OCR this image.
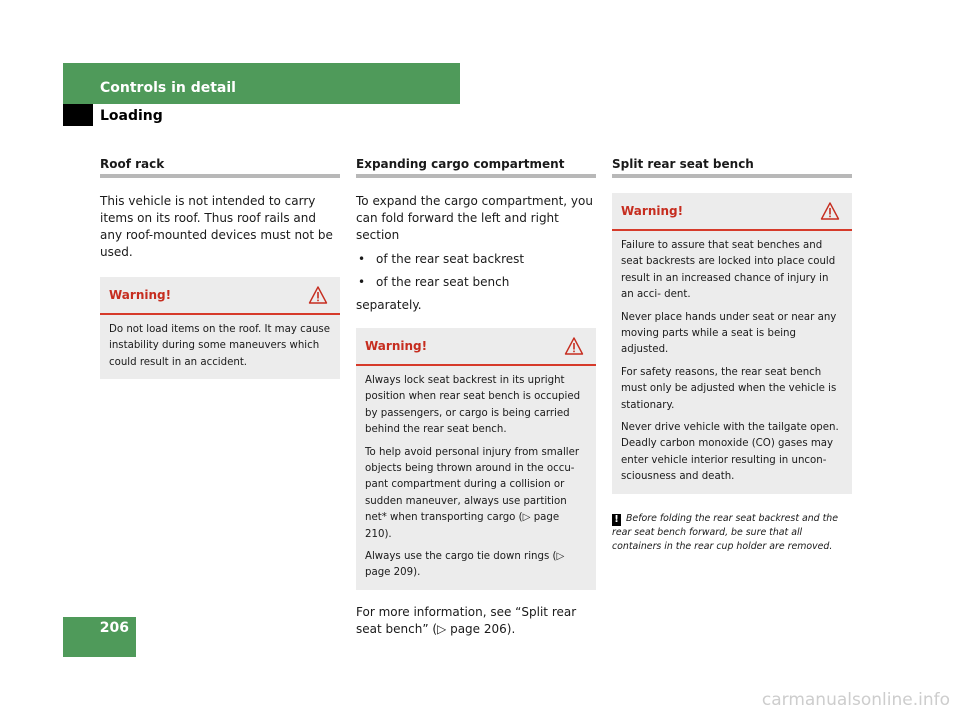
Controls in detail
Loading
Roof rack

This vehicle is not intended to carry items on its roof. Thus roof rails and any roof-mounted devices must not be used.

Warning!

Do not load items on the roof. It may cause instability during some maneuvers which could result in an accident.

Expanding cargo compartment

To expand the cargo compartment, you can fold forward the left and right section

• of the rear seat backrest
• of the rear seat bench

separately.

Warning!

Always lock seat backrest in its upright position when rear seat bench is occupied by passengers, or cargo is being carried behind the rear seat bench.

To help avoid personal injury from smaller objects being thrown around in the occu- pant compartment during a collision or sudden maneuver, always use partition net* when transporting cargo (▷ page 210).

Always use the cargo tie down rings (▷ page 209).

For more information, see “Split rear seat bench” (▷ page 206).

Split rear seat bench
Warning!

Failure to assure that seat benches and seat backrests are locked into place could result in an increased chance of injury in an acci- dent.

Never place hands under seat or near any moving parts while a seat is being adjusted.

For safety reasons, the rear seat bench must only be adjusted when the vehicle is stationary.

Never drive vehicle with the tailgate open. Deadly carbon monoxide (CO) gases may enter vehicle interior resulting in uncon- sciousness and death.

! Before folding the rear seat backrest and the rear seat bench forward, be sure that all containers in the rear cup holder are removed.
206
carmanualsonline.info
